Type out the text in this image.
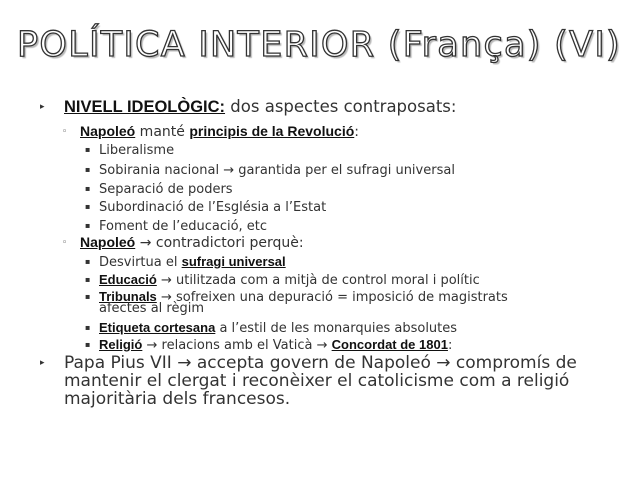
POLÍTICA INTERIOR (França) (VI)
▸ NIVELL IDEOLÒGIC: dos aspectes contraposats:
◦ Napoleó manté principis de la Revolució:
▪ Liberalisme
▪ Sobirania nacional → garantida per el sufragi universal
▪ Separació de poders
▪ Subordinació de l’Església a l’Estat
▪ Foment de l’educació, etc
◦ Napoleó → contradictori perquè:
▪ Desvirtua el sufragi universal
▪ Educació → utilitzada com a mitjà de control moral i polític
▪ Tribunals → sofreixen una depuració = imposició de magistrats
afectes al règim
▪ Etiqueta cortesana a l’estil de les monarquies absolutes
▪ Religió → relacions amb el Vaticà → Concordat de 1801:
▸ Papa Pius VII → accepta govern de Napoleó → compromís de
mantenir el clergat i reconèixer el catolicisme com a religió
majoritària dels francesos.
